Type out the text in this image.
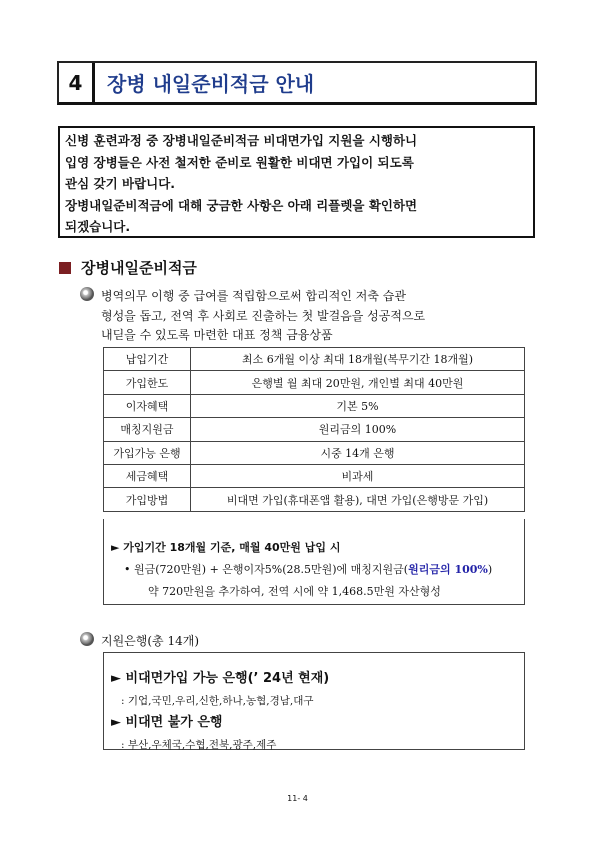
4	장병 내일준비적금 안내
신병 훈련과정 중 장병내일준비적금 비대면가입 지원을 시행하니
입영 장병들은 사전 철저한 준비로 원활한 비대면 가입이 되도록
관심 갖기 바랍니다.
장병내일준비적금에 대해 궁금한 사항은 아래 리플렛을 확인하면
되겠습니다.
장병내일준비적금
병역의무 이행 중 급여를 적립함으로써 합리적인 저축 습관
형성을 돕고, 전역 후 사회로 진출하는 첫 발걸음을 성공적으로
내딛을 수 있도록 마련한 대표 정책 금융상품
납입기간	최소 6개월 이상 최대 18개월(복무기간 18개월)
가입한도	은행별 월 최대 20만원, 개인별 최대 40만원
이자혜택	기본 5%
매칭지원금	원리금의 100%
가입가능 은행	시중 14개 은행
세금혜택	비과세
가입방법	비대면 가입(휴대폰앱 활용), 대면 가입(은행방문 가입)
► 가입기간 18개월 기준, 매월 40만원 납입 시
• 원금(720만원) + 은행이자5%(28.5만원)에 매칭지원금(원리금의 100%)
약 720만원을 추가하여, 전역 시에 약 1,468.5만원 자산형성
지원은행(총 14개)
► 비대면가입 가능 은행(’ 24년 현재)
: 기업,국민,우리,신한,하나,농협,경남,대구
► 비대면 불가 은행
: 부산,우체국,수협,전북,광주,제주
11- 4
